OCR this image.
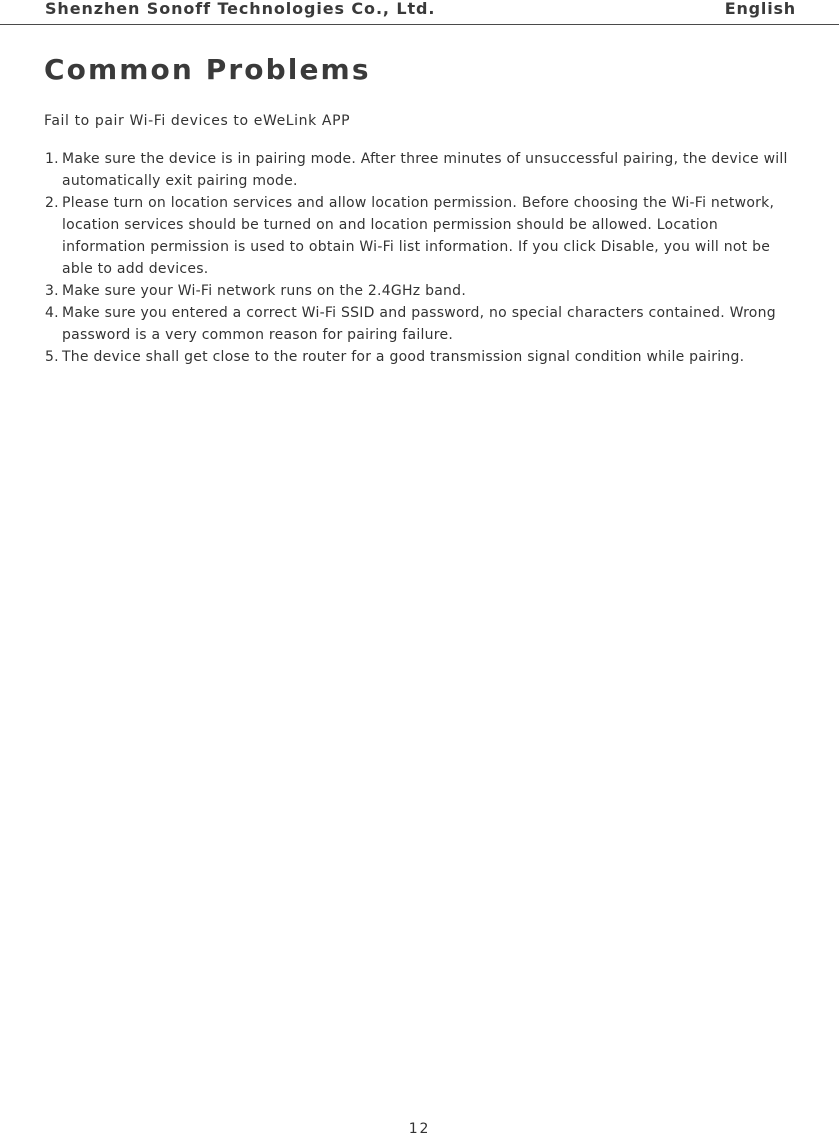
Shenzhen Sonoff Technologies Co., Ltd.	English
Common Problems
Fail to pair Wi-Fi devices to eWeLink APP
1. Make sure the device is in pairing mode. After three minutes of unsuccessful pairing, the device will automatically exit pairing mode.
2. Please turn on location services and allow location permission. Before choosing the Wi-Fi network, location services should be turned on and location permission should be allowed. Location information permission is used to obtain Wi-Fi list information. If you click Disable, you will not be able to add devices.
3. Make sure your Wi-Fi network runs on the 2.4GHz band.
4. Make sure you entered a correct Wi-Fi SSID and password, no special characters contained. Wrong password is a very common reason for pairing failure.
5. The device shall get close to the router for a good transmission signal condition while pairing.
12
